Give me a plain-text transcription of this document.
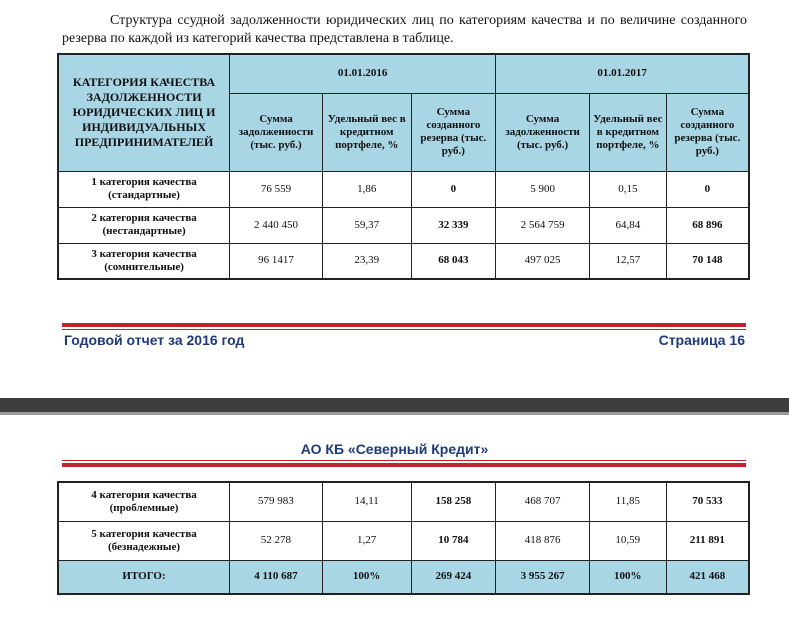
Структура ссудной задолженности юридических лиц по категориям качества и по величине созданного резерва по каждой из категорий качества представлена в таблице.
КАТЕГОРИЯ КАЧЕСТВА ЗАДОЛЖЕННОСТИ ЮРИДИЧЕСКИХ ЛИЦ И ИНДИВИДУАЛЬНЫХ ПРЕДПРИНИМАТЕЛЕЙ	01.01.2016			01.01.2017		
	Сумма задолженности (тыс. руб.)	Удельный вес в кредитном портфеле, %	Сумма созданного резерва (тыс. руб.)	Сумма задолженности (тыс. руб.)	Удельный вес в кредитном портфеле, %	Сумма созданного резерва (тыс. руб.)
1 категория качества (стандартные)	76 559	1,86	0	5 900	0,15	0
2 категория качества (нестандартные)	2 440 450	59,37	32 339	2 564 759	64,84	68 896
3 категория качества (сомнительные)	96 1417	23,39	68 043	497 025	12,57	70 148
Годовой отчет за 2016 год	Страница 16
АО КБ «Северный Кредит»
4 категория качества (проблемные)	579 983	14,11	158 258	468 707	11,85	70 533
5 категория качества (безнадежные)	52 278	1,27	10 784	418 876	10,59	211 891
ИТОГО:	4 110 687	100%	269 424	3 955 267	100%	421 468
